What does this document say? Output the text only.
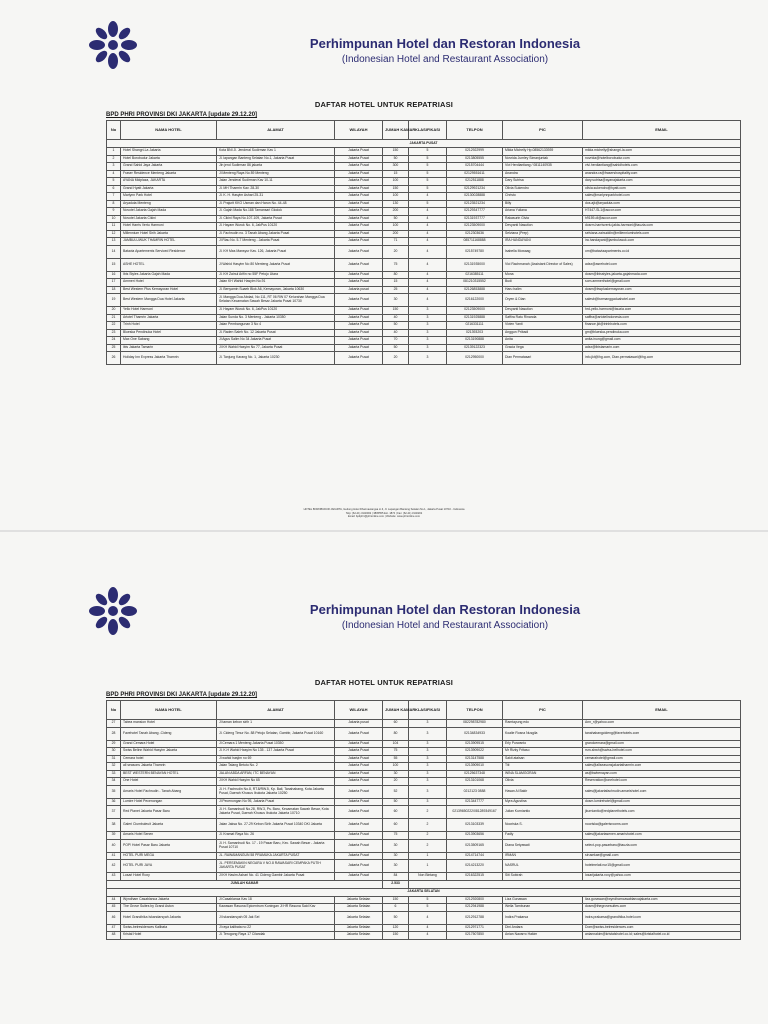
Perhimpunan Hotel dan Restoran Indonesia
(Indonesian Hotel and Restaurant Association)
DAFTAR HOTEL UNTUK REPATRIASI
BPD PHRI PROVINSI DKI JAKARTA [update 29.12.20]
No	NAMA HOTEL	ALAMAT	WILAYAH	JUMAH KAMAR	KLASIFIKASI	TELPON	PIC	EMAIL
JAKARTA PUSAT								
1	Hotel Shangri-La Jakarta	Kota BNI Jl. Jenderal Sudirman Kav 1	Jakarta Pusat	150	5	0212922999	Milda Michelly Hp.08562133939	milda.michelly@shangri-la.com
2	Hotel Borobudur Jakarta	Jl. lapangan Banteng Selatan No.1, Jakarta Pusat	Jakarta Pusat	50	5	0213805555	Novrida Jumley Simanjuntak	novrida@hotelborobudur.com
3	Grand Sahid Jaya Jakarta	Jln jend Sudirman 86 jakarta	Jakarta Pusat	300	5	0215704444	Vivi Herdiantiang / 0811140935	vivi.herdiantiang@sahidhotels.com
4	Fraser Residence Menteng Jakarta	Jl Menteng Raya No 89 Menteng	Jakarta Pusat	15	5	02129551611	Anandra	anandra.ra@frasershospitality.com
5	AYANA Midplaza, JAKARTA	Jalan Jenderal Sudirman Kav 10-11	Jakarta Pusat	100	5	0212511888	Dary Sutrisa	dary.sutrisa@ayanajakarta.com
6	Grand Hyatt Jakarta	Jl. MH Thamrin Kav. 28-30	Jakarta Pusat	150	5	02129921234	Olivia Sukendro	olivia.sukendro@hyatt.com
7	Marlynn Park Hotel	Jl. K. H. Hasyim Ashari 25-31	Jakarta Pusat	100	4	02130028888	Christo	sales@marlynnparkhotel.com
8	Aryaduta Menteng	Jl. Prajurit KKO Usman dan Harun No. 44-48	Jakarta Pusat	130	5	02123521234	Billy	dos.ajk@aryaduta.com
9	Novotel Jakarta Gajah Mada	Jl. Gajah Mada No.188 Tamansari Glodok	Jakarta Pusat	200	4	02129347777	Ariana Yuliana	H7447-SL1@accor.com
10	Novotel Jakarta Cikini	Jl. Cikini Raya No.107-109, Jakarta Pusat	Jakarta Pusat	50	4	02131937777	Rakasurin Givia	h9159-dl@accor.com
11	Hotel Harris Vertu Harmoni	Jl. Hayam Wuruk No. 6, JakPus 10120	Jakarta Pusat	100	4	02123509000	Devyanti Nasution	dosrm-harrisvertu.jakta-harmoni@tauzia.com
12	Millennium Hotel Sirih Jakarta	Jl. Fachrudin no. 3 Tanah Abang Jakarta Pusat	Jakarta Pusat	200	4	0212303636	Selviana (Prep)	selviana.zainuddin@millenniumhotels.com
13	JAMBULUWUK THAMRIN HOTEL	Jl Riau No. 5-7 Menteng - Jakarta Pusat	Jakarta Pusat	71	4	085711168888	IRA HANDAYANI	ira.handayani@jambuluwuk.com
14	Batavia Apartements Serviced Residence	Jl. KH Mas Mansyur Kav. 126, Jakarta Pusat	Jakarta Pusat	20	4	0215749780	Isabella Mowaag	om@bataviaapartments.co.id
15	ASHE HOTEL	Jl Wahid Hasyim No 80 Menteng Jakarta Pusat	Jakarta Pusat	75	4	02131935000	Vici Rachmanah (Assistant Director of Sales)	adsx@asrehotel.com
16	Ibis Styles Jakarta Gajah Mada	Jl. KH Zainul Arifin no 55F Petojo Utara	Jakarta Pusat	80	4	0216385111	Mona	dosm@ibisstyles-jakarta-gajahmada.com
17	Ammeri Hotel	Jalan KH Wahid Hasyim No.91	Jakarta Pusat	15	4	081210315552	Budi	som.ammerihotel@gmail.com
18	Best Western Plus Kemayoran Hotel	Jl. Benyamin Suaeb Blok A6, Kemayoran, Jakarta 10630	Jakarta pusat	25	4	02126853888	Haru halim	dosm@bwpluskemayoran.com
19	Best Western Mangga Dua Hotel Jakarta	Jl. Mangga Dua Abdad, No 111, RT 06 RW 07 Kelurahan Mangga Dua Selatan Kecamatan Sawah Besar Jakarta Pusat 10730	Jakarta Pusat	30	4	0216122000	Oryen & Dian	salesb@bwmanggaduahotel.com
20	Yello Hotel Harmoni	Jl. Hayam Wuruk No. 6, JakPus 10120	Jakarta Pusat	150	3	02123509000	Devyanti Nasution	hrd-yello-harmoni@tauzia.com
21	Artotel Thamrin Jakarta	Jalan Sunda No. 3 Menteng - Jakarta 10350	Jakarta Pusat	40	3	02131925888	Saffira Ratu Rinanda	saffira@artotelindonesia.com
22	Trinh Hotel	Jalan Pembangunan 3 No 4	Jakarta Pusat	50	3	0216331111	Vivien Yanti	finance.jkt@trinhhotels.com
23	Blueska Pendinuka Hotel	Jl. Raden Saleh No. 12 Jakarta Pusat	Jakarta Pusat	40	3	021393203	Anggun Pribadi	gm@blueska-pendinuka.com
24	Max One Sabang	Jl Agus Salim No 34 Jakarta Pusat	Jakarta Pusat	70	3	0213190888	Anita	anita.inung@gmail.com
25	ibis Jakarta Tamarin	Jl KH Wahid Hasyim No 77, Jakarta Pusat	Jakarta Pusat	50	3	02139122323	Gracia Vega	adsx@ibistamarin.com
26	Holiday Inn Express Jakarta Thamrin	Jl. Tanjung Karang No. 1, Jakarta 10230	Jakarta Pusat	20	3	0212950000	Dian Permatasari	info.jkt@ihg.com, Dian.permatasari@ihg.com
HOTEL BOROBUDUR JAKARTA, Gedung Hotel Dharmawangsa Lt.3, Jl. Lapangan Banteng Selatan No.1, Jakarta Pusat 10710 - Indonesia
Telp: (62-21) 3140002 | 3805555 Ext. 1874 | Fax: (62-21) 3140202
Email: bpdphri@phrionline.com | Website: www.phrionline.com
Perhimpunan Hotel dan Restoran Indonesia
(Indonesian Hotel and Restaurant Association)
DAFTAR HOTEL UNTUK REPATRIASI
BPD PHRI PROVINSI DKI JAKARTA [update 29.12.20]
No	NAMA HOTEL	ALAMAT	WILAYAH	JUMAH KAMAR	KLASIFIKASI	TELPON	PIC	EMAIL
27	Tabea mansion Hotel	Jl taman kebon sirih 1	Jakarta pusat	60	3	082298782980	Ramtayung edo	Ann_r@yahoo.com
28	Favehotel Tanah Abang -Cideng	Jl. Cideng Timur No. 88 Petojo Selatan, Gambir, Jakarta Pusat 10160	Jakarta Pusat	80	3	02134834933	Koalie Rosna Nusgila	tanahabangcideng@favehotels.com
29	Grand Cemara Hotel	Jl Cemara 1 Menteng Jakarta Pusat 10350	Jakarta Pusat	104	3	0213909515	Erly Purwanto	grandcemara@gmail.com
30	Swiss Belinn Wahid Hasyim Jakarta	Jl. K.H Wahid Hasyim No 135 - 137 Jakarta Pusat	Jakarta Pusat	75	3	0213909022	Mr Rizky Fritaso	rsm-sbwh@swiss-belhotel.com
31	Cemara hotel	Jl wahid hasjim no 69	Jakarta Pusat	55	3	0213147588	Sakti atalsan	cemarahotel@gmail.com
32	all seasons Jakarta Thamrin	Jalan Talang Betutu No. 2	Jakarta Pusat	100	3	0213909010	Titi	sales@allseasonsjakartathamrin.com
33	BEST WESTERN BENAYAN HOTEL	JALAN ABDA ARFAN, ITC BENAYAN	Jakarta Pusat	30	3	02125637348	WINA SLAMGGRAN	as@bwbenayan.com
34	One Hotel	Jl KH Wahid Hasyim No 65	Jakarta Pusat	20	3	0213101068	Olivia	Reservation@onehotel.com
35	Amaris Hotel Fachrudin - Tanah Abang	Jl. H. Fachrudin No.8, RT.8/RW.5, Kp. Bali, Tanahabang, Kota Jakarta Pusat, Daerah Khusus Ibukota Jakarta 10250	Jakarta Pusat	52	3	0212123 0888	Hasan Al Bakir	sales@jakartafachrudin.amarishotel.com
36	Lumire Hotel Pecenongan	Jl Pecenongan No 95, Jakarta Pusat	Jakarta Pusat	50	3	0213447777	Myra Agustina	dosm.lumirehotel@gmail.com
37	Red Planet Jakarta Pasar Baru	Jl. H. Samanhudi No.28, RW.3, Ps. Baru, Kecamatan Sawah Besar, Kota Jakarta Pusat, Daerah Khusus Ibukota Jakarta 10710	Jakarta Pusat	60	2	02139650222/081289349167	Julian Kurniantio	jkurniantio@redplanethotels.com
38	Galeri Ciumbuleuit Jakarta	Jalan Jaksa No. 27-29 Kebon Sirih Jakarta Pusat 10340 DKI Jakarta	Jakarta Pusat	60	2	0213103339	Nooriska S.	nooriska@galerisrooms.com
39	Amaris Hotel Senen	Jl. Kramat Raya No. 26	Jakarta Pusat	75	2	0213903656	Fadly	sales@jakartasenen.amarishotel.com
40	POP! Hotel Pasar Baru Jakarta	Jl. H. Samanhudi No. 17 - 19 Pasar Baru, Kec. Sawah Besar - Jakarta Pusat 10710	Jakarta Pusat	30	2	0213509165	Diana Setyawati	select-pop-pasarbaru@tauzia.com
41	HOTEL PURI MEGA	JL. RAWAMANGUN 58 PRAMUKA JAKARTA PUSAT	Jakarta Pusat	30	1	0214714744	IRMAN	sirusekae@gmail.com
42	HOTEL PURI JAYA	JL. PERSEMAKIN NEGARA V NO.8 RAWASARI CEMPAKA PUTIH JAKARTA PUSAT	Jakarta Pusat	30	1	0214213220	NASRUL	hotelmelati.nur15@gmail.com
43	Losari Hotel Roxy	Jl KH Hasim Ashari No. 41 Cideng Gambir Jakarta Pusat	Jakarta Pusat	84	Non Bintang	0216322515	Siti Sobirah	losarijakarta.roxy@yahoo.com
JUMLAH KAMAR				2.533				
JAKARTA SELATAN								
44	Wyndham Casablanca Jakarta	Jl Casablanca Kav 18	Jakarta Selatan	150	5	0212920800	Liza Gunawan	liza.gunawan@wyndhamcasablancajakarta.com
45	The Grove Suites by Grand Aston	Kawasan Rasuna Epicentrum Kuningan Jl HR Rasuna Said Kav	Jakarta Selatan	6	5	0212941988	Wella Tambunan	dosm@thegrovesuites.com
46	Hotel Grandhika Iskandarsyah Jakarta	Jl Iskandarsyah 05 Jak Sel	Jakarta Selatan	50	4	0212912788	Indira Prakarsa	indra.prakarsa@grandhika-hotel.com
47	Swiss-belresidences Kalibata	Jl raya kalibata no 22	Jakarta Selatan	120	4	0212971771	Dini Andara	Dom@swiss-belresidences.com
48	Kristal Hotel	Jl. Terogong Raya 17 Cilandak	Jakarta Selatan	150	4	0217507850	Anian Navarro Hakim	aniannakim@kristalshotel.co.id; sales@kristalhotel.co.id
